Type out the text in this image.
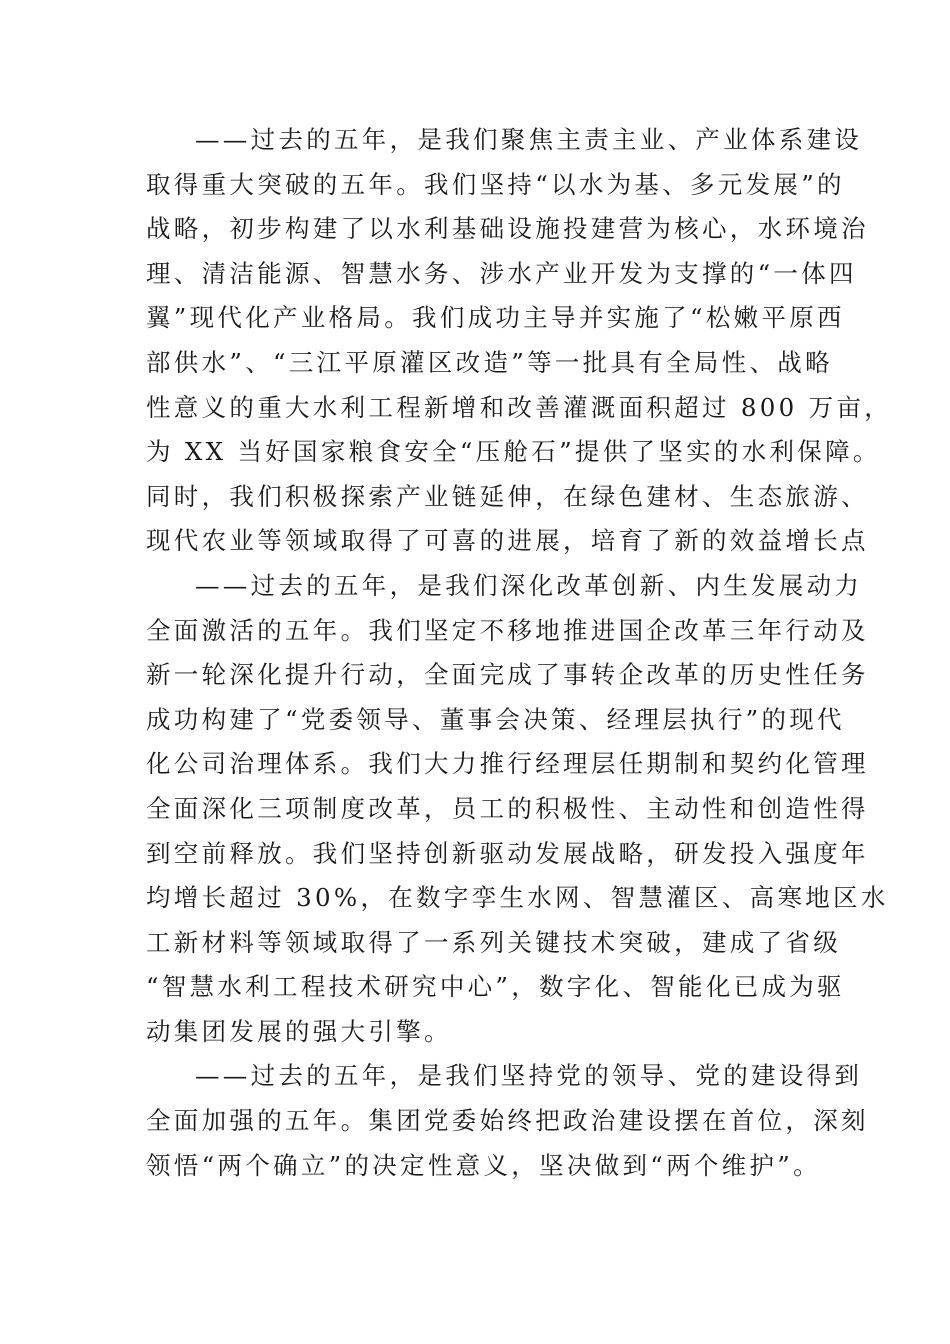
——过去的五年，是我们聚焦主责主业、产业体系建设
取得重大突破的五年。我们坚持“以水为基、多元发展”的
战略，初步构建了以水利基础设施投建营为核心，水环境治
理、清洁能源、智慧水务、涉水产业开发为支撑的“一体四
翼”现代化产业格局。我们成功主导并实施了“松嫩平原西
部供水”、“三江平原灌区改造”等一批具有全局性、战略
性意义的重大水利工程新增和改善灌溉面积超过 800 万亩，
为 XX 当好国家粮食安全“压舱石”提供了坚实的水利保障。
同时，我们积极探索产业链延伸，在绿色建材、生态旅游、
现代农业等领域取得了可喜的进展，培育了新的效益增长点
——过去的五年，是我们深化改革创新、内生发展动力
全面激活的五年。我们坚定不移地推进国企改革三年行动及
新一轮深化提升行动，全面完成了事转企改革的历史性任务
成功构建了“党委领导、董事会决策、经理层执行”的现代
化公司治理体系。我们大力推行经理层任期制和契约化管理
全面深化三项制度改革，员工的积极性、主动性和创造性得
到空前释放。我们坚持创新驱动发展战略，研发投入强度年
均增长超过 30%，在数字孪生水网、智慧灌区、高寒地区水
工新材料等领域取得了一系列关键技术突破，建成了省级
“智慧水利工程技术研究中心”，数字化、智能化已成为驱
动集团发展的强大引擎。
——过去的五年，是我们坚持党的领导、党的建设得到
全面加强的五年。集团党委始终把政治建设摆在首位，深刻
领悟“两个确立”的决定性意义，坚决做到“两个维护”。
